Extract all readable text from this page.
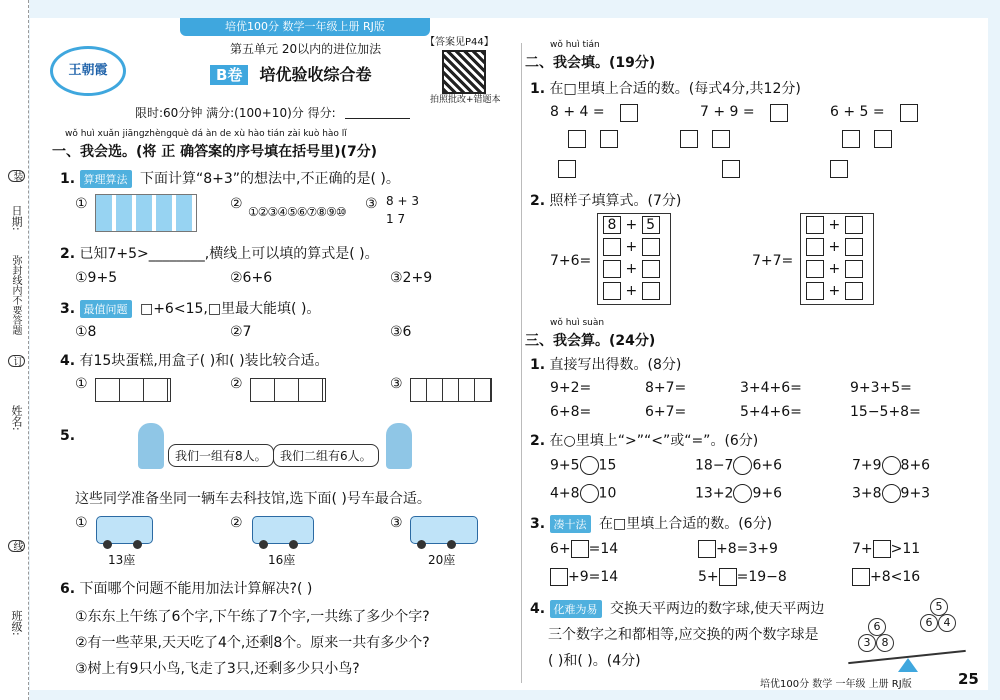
日期:
装
弥封线内不要答题
订
姓名:
线
班级:
培优100分 数学一年级上册 RJ版
王朝霞
第五单元 20以内的进位加法
B卷 培优验收综合卷
【答案见P44】
拍照批改+错题本
限时:60分钟 满分:(100+10)分 得分:
wǒ huì xuǎn jiāngzhèngquè dá àn de xù hào tián zài kuò hào lǐ
一、我会选。(将 正 确答案的序号填在括号里)(7分)
1. 算理算法 下面计算“8+3”的想法中,不正确的是( )。
①	② ①②③④⑤⑥⑦⑧⑨⑩ ③ 8 + 3
1 7
2. 已知7+5>________,横线上可以填的算式是( )。
①9+5	②6+6	③2+9
3. 最值问题 □+6<15,□里最大能填( )。
①8	②7	③6
4. 有15块蛋糕,用盒子( )和( )装比较合适。
①	②	③
5.
我们一组有8人。	我们二组有6人。
这些同学准备坐同一辆车去科技馆,选下面( )号车最合适。
①
13座
②
16座
③
20座
6. 下面哪个问题不能用加法计算解决?( )
①东东上午练了6个字,下午练了7个字,一共练了多少个字?
②有一些苹果,天天吃了4个,还剩8个。原来一共有多少个?
③树上有9只小鸟,飞走了3只,还剩多少只小鸟?
wǒ huì tián
二、我会填。(19分)
1. 在□里填上合适的数。(每式4分,共12分)
8 + 4 =	7 + 9 =	6 + 5 =
2. 照样子填算式。(7分)
7+6=
8 + 5
+
+
+
7+7=
+
+
+
+
wǒ huì suàn
三、我会算。(24分)
1. 直接写出得数。(8分)
9+2=	8+7=	3+4+6=	9+3+5=
6+8=	6+7=	5+4+6=	15−5+8=
2. 在○里填上“>”“<”或“=”。(6分)
9+5 15	18−7 6+6	7+9 8+6
4+8 10	13+2 9+6	3+8 9+3
3. 凑十法 在□里填上合适的数。(6分)
6+ =14	+8=3+9	7+ >11
+9=14	5+ =19−8	+8<16
4. 化难为易 交换天平两边的数字球,使天平两边
三个数字之和都相等,应交换的两个数字球是
( )和( )。(4分)
6
3	8
5
6	4
培优100分 数学 一年级 上册 RJ版	25
